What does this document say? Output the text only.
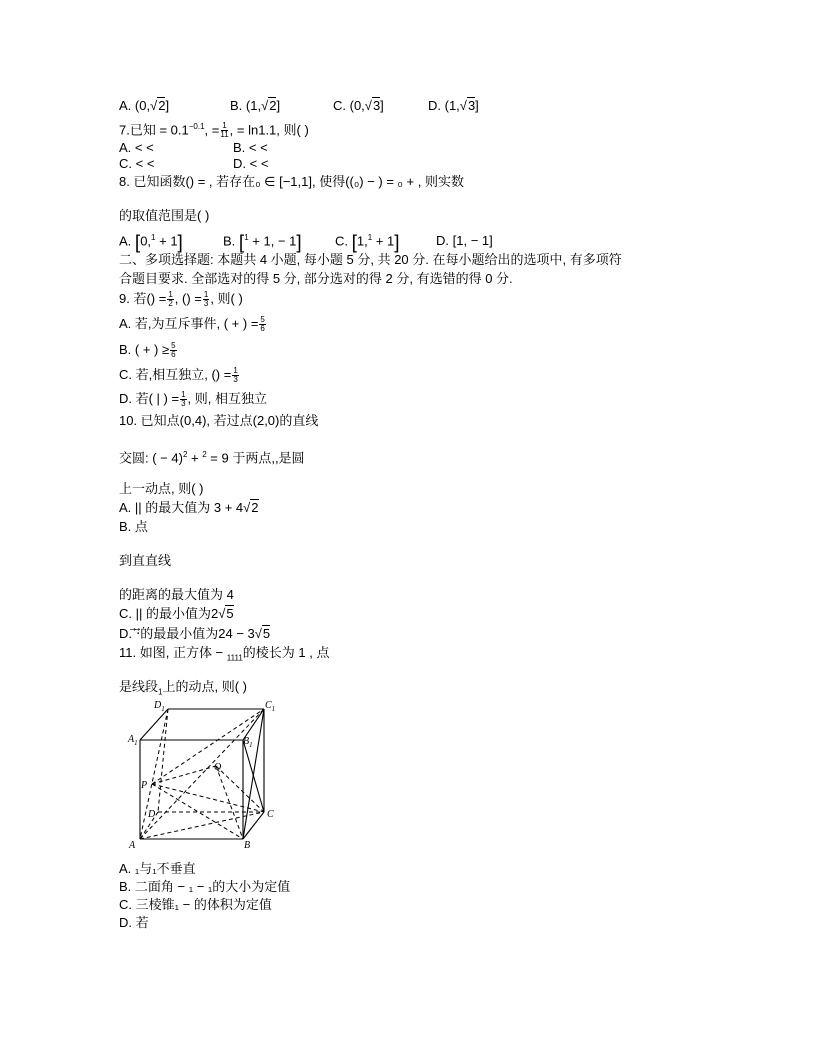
A. (0,√2]	B. (1,√2]	C. (0,√3]	D. (1,√3]
7.已知 = $0.1^{-0.1}$, = $\frac{1}{11}$ , = ln1.1, 则( )
A. < <	B. < <
C. < <	D. < <
8. 已知函数() = , 若存在₀ ∈ [−1,1], 使得((₀) − ) = ₀ + , 则实数
的取值范围是( )
A. [0,$^1$ + 1]	B. [$^1$ + 1, − 1]	C. [1,$^1$ + 1]	D. [1, − 1]
二、多项选择题: 本题共 4 小题, 每小题 5 分, 共 20 分. 在每小题给出的选项中, 有多项符
合题目要求. 全部选对的得 5 分, 部分选对的得 2 分, 有选错的得 0 分.
9. 若() = $\frac{1}{2}$ , () = $\frac{1}{3}$ , 则( )
A. 若,为互斥事件, ( + ) = $\frac{5}{6}$
B. ( + ) ≥ $\frac{5}{6}$
C. 若,相互独立, () = $\frac{1}{3}$
D. 若( | ) = $\frac{1}{3}$ , 则, 相互独立
10. 已知点(0,4), 若过点(2,0)的直线
交圆: ( − 4)$^2$ + $^2$ = 9 于两点,,是圆
上一动点, 则( )
A. || 的最大值为 3 + 4√2
B. 点
到直直线
的距离的最大值为 4
C. || 的最小值为2√5
D. ⃗·⃗的最最小值为24 − 3√5
11. 如图, 正方体 − $_{1111}$的棱长为 1 , 点
是线段$_1$上的动点, 则( )
$D_1$	$C_1$
$A_1$	$B_1$
Q
P
D	C
A	B
A. ₁与₁不垂直
B. 二面角 − ₁ − ₁的大小为定值
C. 三棱锥₁ − 的体积为定值
D. 若
